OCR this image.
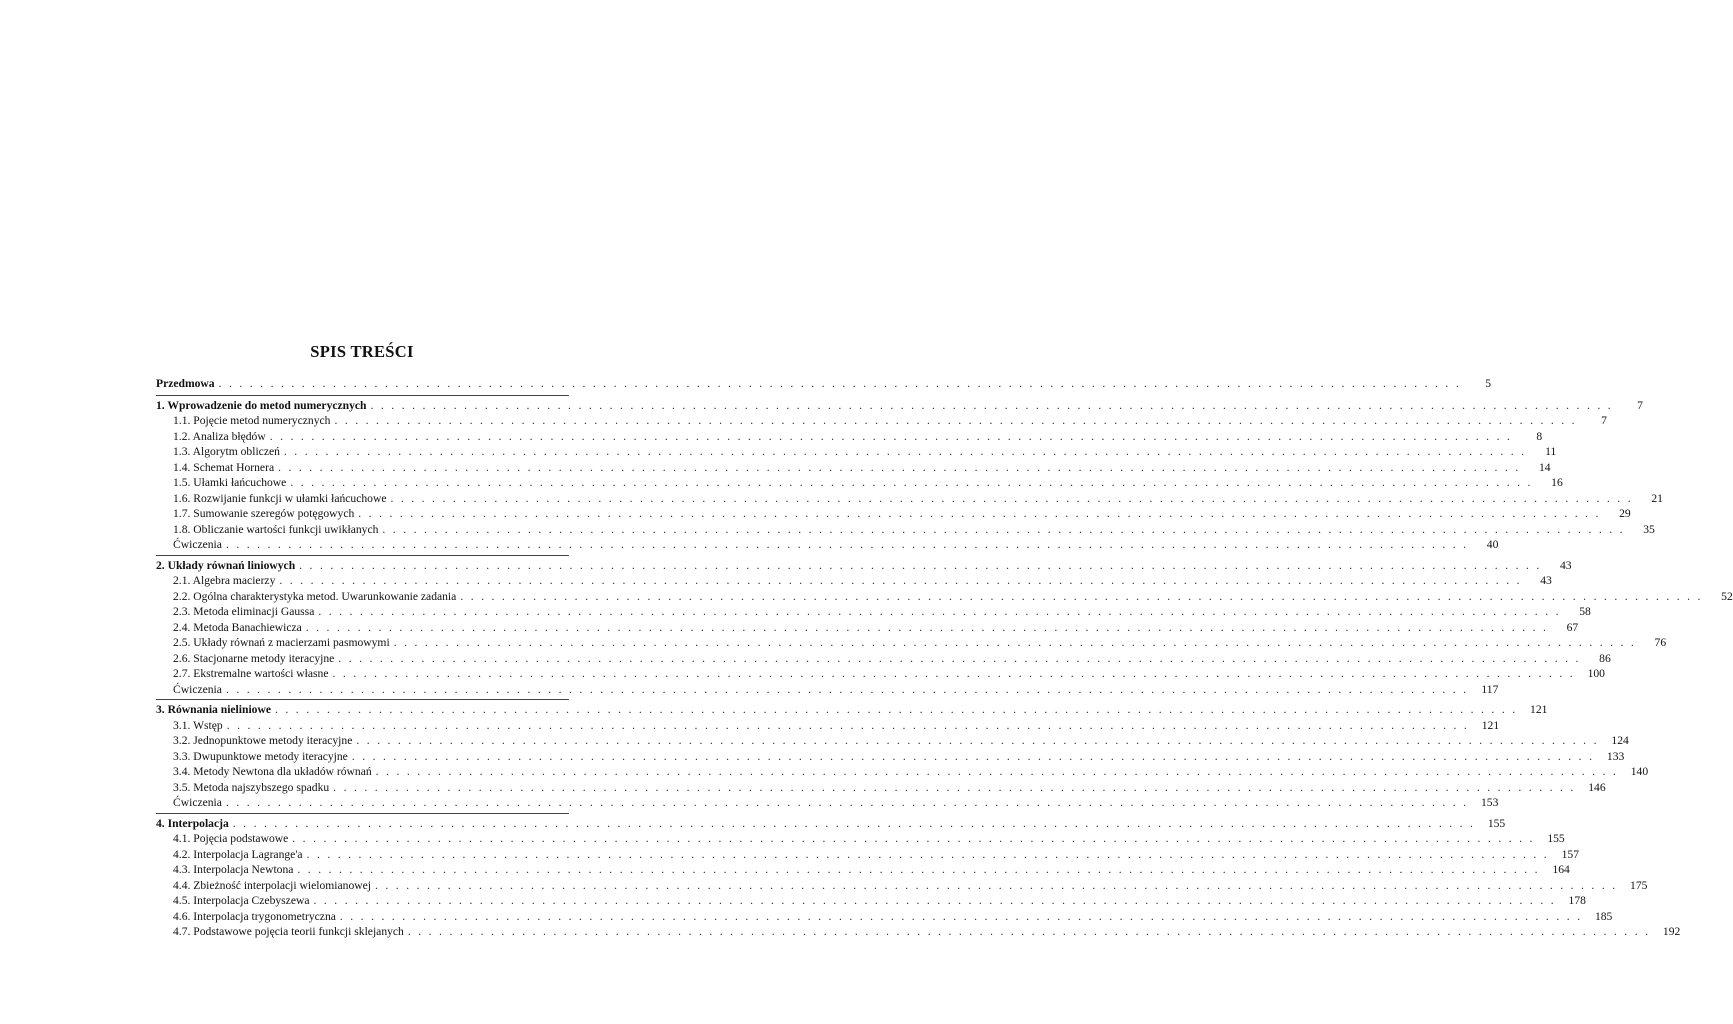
SPIS TREŚCI
Przedmowa . . . . . . . . . . . . . . . . . . . . . . . . . . . . . . . . . . . . . . . . . . . . . . . . . . . . . . . . . . . . . . . . . . . . . . . . . . . . . . . . . . . . . . . . . . . . . . . . . . . . . . . . . . . . . . . . . . . . . . . .	5
1. Wprowadzenie do metod numerycznych . . . . . . . . . . . . . . . . . . . . . . . . . . . . . . . . . . . . . . . . . . . . . . . . . . . . . . . . . . . . . . . . . . . . . . . . . . . . . . . . . . . . . . . . . . . . . . . . . . . . . . . . . . . . . . . . . . . . . . . .	7
1.1. Pojęcie metod numerycznych . . . . . . . . . . . . . . . . . . . . . . . . . . . . . . . . . . . . . . . . . . . . . . . . . . . . . . . . . . . . . . . . . . . . . . . . . . . . . . . . . . . . . . . . . . . . . . . . . . . . . . . . . . . . . . . . . . . . . . . .	7
1.2. Analiza błędów . . . . . . . . . . . . . . . . . . . . . . . . . . . . . . . . . . . . . . . . . . . . . . . . . . . . . . . . . . . . . . . . . . . . . . . . . . . . . . . . . . . . . . . . . . . . . . . . . . . . . . . . . . . . . . . . . . . . . . . .	8
1.3. Algorytm obliczeń . . . . . . . . . . . . . . . . . . . . . . . . . . . . . . . . . . . . . . . . . . . . . . . . . . . . . . . . . . . . . . . . . . . . . . . . . . . . . . . . . . . . . . . . . . . . . . . . . . . . . . . . . . . . . . . . . . . . . . . .	11
1.4. Schemat Hornera . . . . . . . . . . . . . . . . . . . . . . . . . . . . . . . . . . . . . . . . . . . . . . . . . . . . . . . . . . . . . . . . . . . . . . . . . . . . . . . . . . . . . . . . . . . . . . . . . . . . . . . . . . . . . . . . . . . . . . . .	14
1.5. Ułamki łańcuchowe . . . . . . . . . . . . . . . . . . . . . . . . . . . . . . . . . . . . . . . . . . . . . . . . . . . . . . . . . . . . . . . . . . . . . . . . . . . . . . . . . . . . . . . . . . . . . . . . . . . . . . . . . . . . . . . . . . . . . . . .	16
1.6. Rozwijanie funkcji w ułamki łańcuchowe . . . . . . . . . . . . . . . . . . . . . . . . . . . . . . . . . . . . . . . . . . . . . . . . . . . . . . . . . . . . . . . . . . . . . . . . . . . . . . . . . . . . . . . . . . . . . . . . . . . . . . . . . . . . . . . . . . . . . . . .	21
1.7. Sumowanie szeregów potęgowych . . . . . . . . . . . . . . . . . . . . . . . . . . . . . . . . . . . . . . . . . . . . . . . . . . . . . . . . . . . . . . . . . . . . . . . . . . . . . . . . . . . . . . . . . . . . . . . . . . . . . . . . . . . . . . . . . . . . . . . .	29
1.8. Obliczanie wartości funkcji uwikłanych . . . . . . . . . . . . . . . . . . . . . . . . . . . . . . . . . . . . . . . . . . . . . . . . . . . . . . . . . . . . . . . . . . . . . . . . . . . . . . . . . . . . . . . . . . . . . . . . . . . . . . . . . . . . . . . . . . . . . . . .	35
Ćwiczenia . . . . . . . . . . . . . . . . . . . . . . . . . . . . . . . . . . . . . . . . . . . . . . . . . . . . . . . . . . . . . . . . . . . . . . . . . . . . . . . . . . . . . . . . . . . . . . . . . . . . . . . . . . . . . . . . . . . . . . . .	40
2. Układy równań liniowych . . . . . . . . . . . . . . . . . . . . . . . . . . . . . . . . . . . . . . . . . . . . . . . . . . . . . . . . . . . . . . . . . . . . . . . . . . . . . . . . . . . . . . . . . . . . . . . . . . . . . . . . . . . . . . . . . . . . . . . .	43
2.1. Algebra macierzy . . . . . . . . . . . . . . . . . . . . . . . . . . . . . . . . . . . . . . . . . . . . . . . . . . . . . . . . . . . . . . . . . . . . . . . . . . . . . . . . . . . . . . . . . . . . . . . . . . . . . . . . . . . . . . . . . . . . . . . .	43
2.2. Ogólna charakterystyka metod. Uwarunkowanie zadania . . . . . . . . . . . . . . . . . . . . . . . . . . . . . . . . . . . . . . . . . . . . . . . . . . . . . . . . . . . . . . . . . . . . . . . . . . . . . . . . . . . . . . . . . . . . . . . . . . . . . . . . . . . . . . . . . . . . . . . .	52
2.3. Metoda eliminacji Gaussa . . . . . . . . . . . . . . . . . . . . . . . . . . . . . . . . . . . . . . . . . . . . . . . . . . . . . . . . . . . . . . . . . . . . . . . . . . . . . . . . . . . . . . . . . . . . . . . . . . . . . . . . . . . . . . . . . . . . . . . .	58
2.4. Metoda Banachiewicza . . . . . . . . . . . . . . . . . . . . . . . . . . . . . . . . . . . . . . . . . . . . . . . . . . . . . . . . . . . . . . . . . . . . . . . . . . . . . . . . . . . . . . . . . . . . . . . . . . . . . . . . . . . . . . . . . . . . . . . .	67
2.5. Układy równań z macierzami pasmowymi . . . . . . . . . . . . . . . . . . . . . . . . . . . . . . . . . . . . . . . . . . . . . . . . . . . . . . . . . . . . . . . . . . . . . . . . . . . . . . . . . . . . . . . . . . . . . . . . . . . . . . . . . . . . . . . . . . . . . . . .	76
2.6. Stacjonarne metody iteracyjne . . . . . . . . . . . . . . . . . . . . . . . . . . . . . . . . . . . . . . . . . . . . . . . . . . . . . . . . . . . . . . . . . . . . . . . . . . . . . . . . . . . . . . . . . . . . . . . . . . . . . . . . . . . . . . . . . . . . . . . .	86
2.7. Ekstremalne wartości własne . . . . . . . . . . . . . . . . . . . . . . . . . . . . . . . . . . . . . . . . . . . . . . . . . . . . . . . . . . . . . . . . . . . . . . . . . . . . . . . . . . . . . . . . . . . . . . . . . . . . . . . . . . . . . . . . . . . . . . . .	100
Ćwiczenia . . . . . . . . . . . . . . . . . . . . . . . . . . . . . . . . . . . . . . . . . . . . . . . . . . . . . . . . . . . . . . . . . . . . . . . . . . . . . . . . . . . . . . . . . . . . . . . . . . . . . . . . . . . . . . . . . . . . . . . .	117
3. Równania nieliniowe . . . . . . . . . . . . . . . . . . . . . . . . . . . . . . . . . . . . . . . . . . . . . . . . . . . . . . . . . . . . . . . . . . . . . . . . . . . . . . . . . . . . . . . . . . . . . . . . . . . . . . . . . . . . . . . . . . . . . . . .	121
3.1. Wstęp . . . . . . . . . . . . . . . . . . . . . . . . . . . . . . . . . . . . . . . . . . . . . . . . . . . . . . . . . . . . . . . . . . . . . . . . . . . . . . . . . . . . . . . . . . . . . . . . . . . . . . . . . . . . . . . . . . . . . . . .	121
3.2. Jednopunktowe metody iteracyjne . . . . . . . . . . . . . . . . . . . . . . . . . . . . . . . . . . . . . . . . . . . . . . . . . . . . . . . . . . . . . . . . . . . . . . . . . . . . . . . . . . . . . . . . . . . . . . . . . . . . . . . . . . . . . . . . . . . . . . . .	124
3.3. Dwupunktowe metody iteracyjne . . . . . . . . . . . . . . . . . . . . . . . . . . . . . . . . . . . . . . . . . . . . . . . . . . . . . . . . . . . . . . . . . . . . . . . . . . . . . . . . . . . . . . . . . . . . . . . . . . . . . . . . . . . . . . . . . . . . . . . .	133
3.4. Metody Newtona dla układów równań . . . . . . . . . . . . . . . . . . . . . . . . . . . . . . . . . . . . . . . . . . . . . . . . . . . . . . . . . . . . . . . . . . . . . . . . . . . . . . . . . . . . . . . . . . . . . . . . . . . . . . . . . . . . . . . . . . . . . . . .	140
3.5. Metoda najszybszego spadku . . . . . . . . . . . . . . . . . . . . . . . . . . . . . . . . . . . . . . . . . . . . . . . . . . . . . . . . . . . . . . . . . . . . . . . . . . . . . . . . . . . . . . . . . . . . . . . . . . . . . . . . . . . . . . . . . . . . . . . .	146
Ćwiczenia . . . . . . . . . . . . . . . . . . . . . . . . . . . . . . . . . . . . . . . . . . . . . . . . . . . . . . . . . . . . . . . . . . . . . . . . . . . . . . . . . . . . . . . . . . . . . . . . . . . . . . . . . . . . . . . . . . . . . . . .	153
4. Interpolacja . . . . . . . . . . . . . . . . . . . . . . . . . . . . . . . . . . . . . . . . . . . . . . . . . . . . . . . . . . . . . . . . . . . . . . . . . . . . . . . . . . . . . . . . . . . . . . . . . . . . . . . . . . . . . . . . . . . . . . . .	155
4.1. Pojęcia podstawowe . . . . . . . . . . . . . . . . . . . . . . . . . . . . . . . . . . . . . . . . . . . . . . . . . . . . . . . . . . . . . . . . . . . . . . . . . . . . . . . . . . . . . . . . . . . . . . . . . . . . . . . . . . . . . . . . . . . . . . . .	155
4.2. Interpolacja Lagrange'a . . . . . . . . . . . . . . . . . . . . . . . . . . . . . . . . . . . . . . . . . . . . . . . . . . . . . . . . . . . . . . . . . . . . . . . . . . . . . . . . . . . . . . . . . . . . . . . . . . . . . . . . . . . . . . . . . . . . . . . .	157
4.3. Interpolacja Newtona . . . . . . . . . . . . . . . . . . . . . . . . . . . . . . . . . . . . . . . . . . . . . . . . . . . . . . . . . . . . . . . . . . . . . . . . . . . . . . . . . . . . . . . . . . . . . . . . . . . . . . . . . . . . . . . . . . . . . . . .	164
4.4. Zbieżność interpolacji wielomianowej . . . . . . . . . . . . . . . . . . . . . . . . . . . . . . . . . . . . . . . . . . . . . . . . . . . . . . . . . . . . . . . . . . . . . . . . . . . . . . . . . . . . . . . . . . . . . . . . . . . . . . . . . . . . . . . . . . . . . . . .	175
4.5. Interpolacja Czebyszewa . . . . . . . . . . . . . . . . . . . . . . . . . . . . . . . . . . . . . . . . . . . . . . . . . . . . . . . . . . . . . . . . . . . . . . . . . . . . . . . . . . . . . . . . . . . . . . . . . . . . . . . . . . . . . . . . . . . . . . . .	178
4.6. Interpolacja trygonometryczna . . . . . . . . . . . . . . . . . . . . . . . . . . . . . . . . . . . . . . . . . . . . . . . . . . . . . . . . . . . . . . . . . . . . . . . . . . . . . . . . . . . . . . . . . . . . . . . . . . . . . . . . . . . . . . . . . . . . . . . .	185
4.7. Podstawowe pojęcia teorii funkcji sklejanych . . . . . . . . . . . . . . . . . . . . . . . . . . . . . . . . . . . . . . . . . . . . . . . . . . . . . . . . . . . . . . . . . . . . . . . . . . . . . . . . . . . . . . . . . . . . . . . . . . . . . . . . . . . . . . . . . . . . . . . .	192
